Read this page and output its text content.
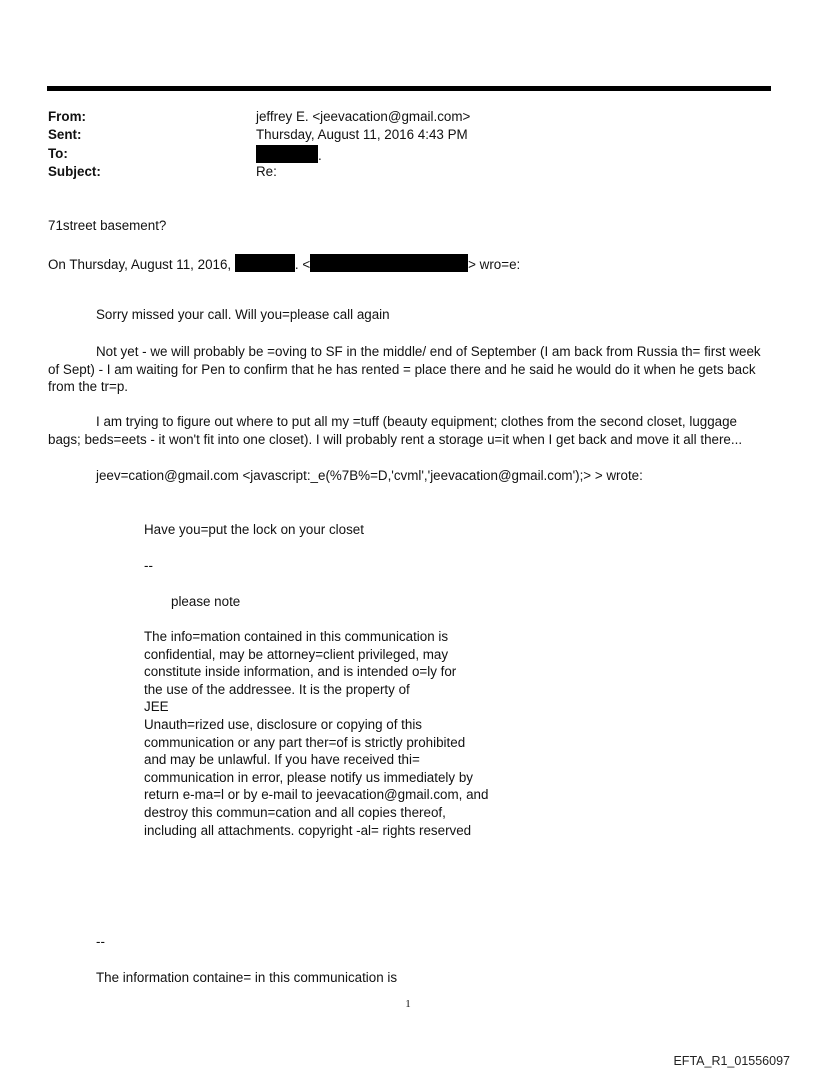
From:	jeffrey E. <jeevacation@gmail.com>
Sent:	Thursday, August 11, 2016 4:43 PM
To:	.
Subject:	Re:
71street basement?
On Thursday, August 11, 2016,	. <	> wro=e:
Sorry missed your call. Will you=please call again

Not yet - we will probably be =oving to SF in the middle/ end of September (I am back from Russia th= first week of Sept) - I am waiting for Pen to confirm that he has rented = place there and he said he would do it when he gets back from the tr=p.

I am trying to figure out where to put all my =tuff (beauty equipment; clothes from the second closet, luggage bags; beds=eets - it won't fit into one closet). I will probably rent a storage u=it when I get back and move it all there...

jeev=cation@gmail.com <javascript:_e(%7B%=D,'cvml','jeevacation@gmail.com');> > wrote:
Have you=put the lock on your closet
--
please note
The info=mation contained in this communication is
confidential, may be attorney=client privileged, may
constitute inside information, and is intended o=ly for
the use of the addressee. It is the property of
JEE
Unauth=rized use, disclosure or copying of this
communication or any part ther=of is strictly prohibited
and may be unlawful. If you have received thi=
communication in error, please notify us immediately by
return e-ma=l or by e-mail to jeevacation@gmail.com, and
destroy this commun=cation and all copies thereof,
including all attachments. copyright -al= rights reserved
--
The information containe= in this communication is
1
EFTA_R1_01556097
